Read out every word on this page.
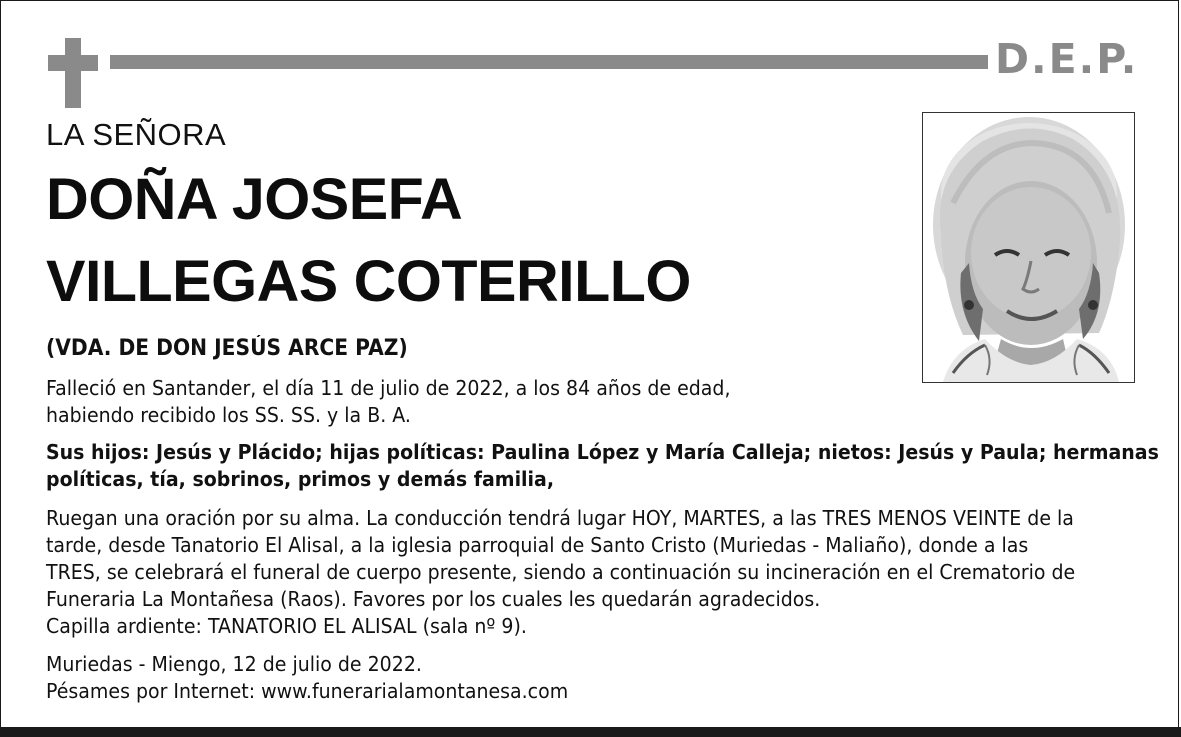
D.E.P.
LA SEÑORA
DOÑA JOSEFA
VILLEGAS COTERILLO
(VDA. DE DON JESÚS ARCE PAZ)
Falleció en Santander, el día 11 de julio de 2022, a los 84 años de edad,
habiendo recibido los SS. SS. y la B. A.
Sus hijos: Jesús y Plácido; hijas políticas: Paulina López y María Calleja; nietos: Jesús y Paula; hermanas
políticas, tía, sobrinos, primos y demás familia,
Ruegan una oración por su alma. La conducción tendrá lugar HOY, MARTES, a las TRES MENOS VEINTE de la
tarde, desde Tanatorio El Alisal, a la iglesia parroquial de Santo Cristo (Muriedas - Maliaño), donde a las
TRES, se celebrará el funeral de cuerpo presente, siendo a continuación su incineración en el Crematorio de
Funeraria La Montañesa (Raos). Favores por los cuales les quedarán agradecidos.
Capilla ardiente: TANATORIO EL ALISAL (sala nº 9).
Muriedas - Miengo, 12 de julio de 2022.
Pésames por Internet: www.funerarialamontanesa.com
